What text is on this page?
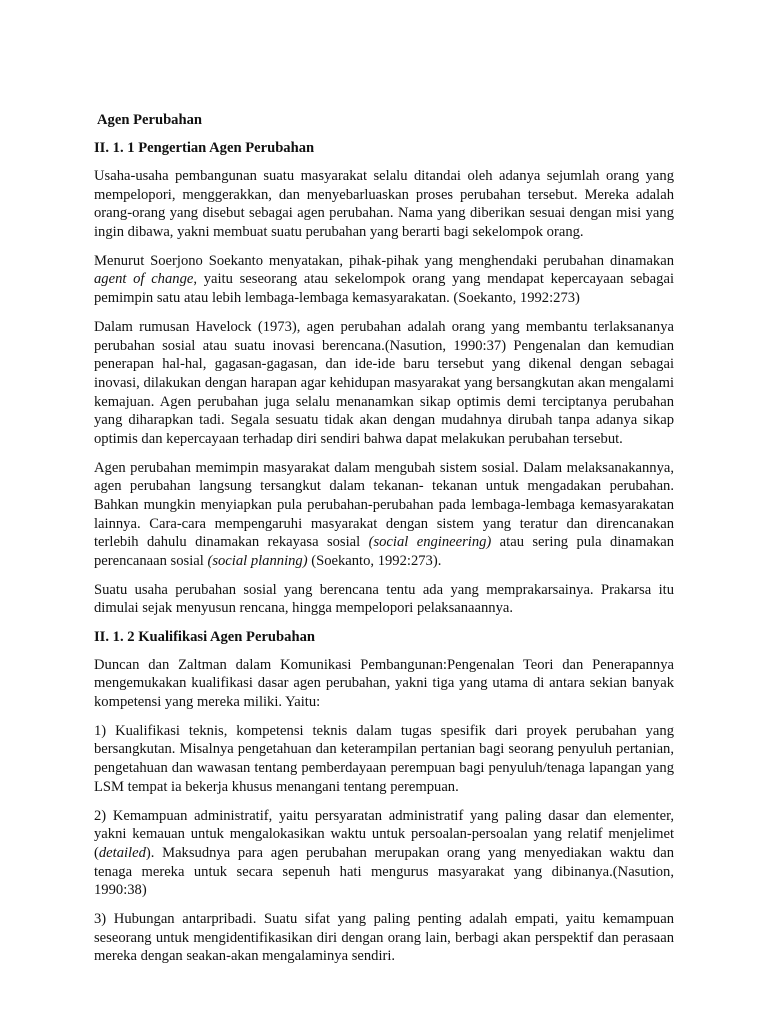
Agen Perubahan
II. 1. 1 Pengertian Agen Perubahan

Usaha-usaha pembangunan suatu masyarakat selalu ditandai oleh adanya sejumlah orang yang mempelopori, menggerakkan, dan menyebarluaskan proses perubahan tersebut. Mereka adalah orang-orang yang disebut sebagai agen perubahan. Nama yang diberikan sesuai dengan misi yang ingin dibawa, yakni membuat suatu perubahan yang berarti bagi sekelompok orang.

Menurut Soerjono Soekanto menyatakan, pihak-pihak yang menghendaki perubahan dinamakan agent of change, yaitu seseorang atau sekelompok orang yang mendapat kepercayaan sebagai pemimpin satu atau lebih lembaga-lembaga kemasyarakatan. (Soekanto, 1992:273)

Dalam rumusan Havelock (1973), agen perubahan adalah orang yang membantu terlaksananya perubahan sosial atau suatu inovasi berencana.(Nasution, 1990:37) Pengenalan dan kemudian penerapan hal-hal, gagasan-gagasan, dan ide-ide baru tersebut yang dikenal dengan sebagai inovasi, dilakukan dengan harapan agar kehidupan masyarakat yang bersangkutan akan mengalami kemajuan. Agen perubahan juga selalu menanamkan sikap optimis demi terciptanya perubahan yang diharapkan tadi. Segala sesuatu tidak akan dengan mudahnya dirubah tanpa adanya sikap optimis dan kepercayaan terhadap diri sendiri bahwa dapat melakukan perubahan tersebut.

Agen perubahan memimpin masyarakat dalam mengubah sistem sosial. Dalam melaksanakannya, agen perubahan langsung tersangkut dalam tekanan- tekanan untuk mengadakan perubahan. Bahkan mungkin menyiapkan pula perubahan-perubahan pada lembaga-lembaga kemasyarakatan lainnya. Cara-cara mempengaruhi masyarakat dengan sistem yang teratur dan direncanakan terlebih dahulu dinamakan rekayasa sosial (social engineering) atau sering pula dinamakan perencanaan sosial (social planning) (Soekanto, 1992:273).

Suatu usaha perubahan sosial yang berencana tentu ada yang memprakarsainya. Prakarsa itu dimulai sejak menyusun rencana, hingga mempelopori pelaksanaannya.

II. 1. 2 Kualifikasi Agen Perubahan

Duncan dan Zaltman dalam Komunikasi Pembangunan:Pengenalan Teori dan Penerapannya mengemukakan kualifikasi dasar agen perubahan, yakni tiga yang utama di antara sekian banyak kompetensi yang mereka miliki. Yaitu:

1) Kualifikasi teknis, kompetensi teknis dalam tugas spesifik dari proyek perubahan yang bersangkutan. Misalnya pengetahuan dan keterampilan pertanian bagi seorang penyuluh pertanian, pengetahuan dan wawasan tentang pemberdayaan perempuan bagi penyuluh/tenaga lapangan yang LSM tempat ia bekerja khusus menangani tentang perempuan.

2) Kemampuan administratif, yaitu persyaratan administratif yang paling dasar dan elementer, yakni kemauan untuk mengalokasikan waktu untuk persoalan-persoalan yang relatif menjelimet (detailed). Maksudnya para agen perubahan merupakan orang yang menyediakan waktu dan tenaga mereka untuk secara sepenuh hati mengurus masyarakat yang dibinanya.(Nasution, 1990:38)

3) Hubungan antarpribadi. Suatu sifat yang paling penting adalah empati, yaitu kemampuan seseorang untuk mengidentifikasikan diri dengan orang lain, berbagi akan perspektif dan perasaan mereka dengan seakan-akan mengalaminya sendiri.
